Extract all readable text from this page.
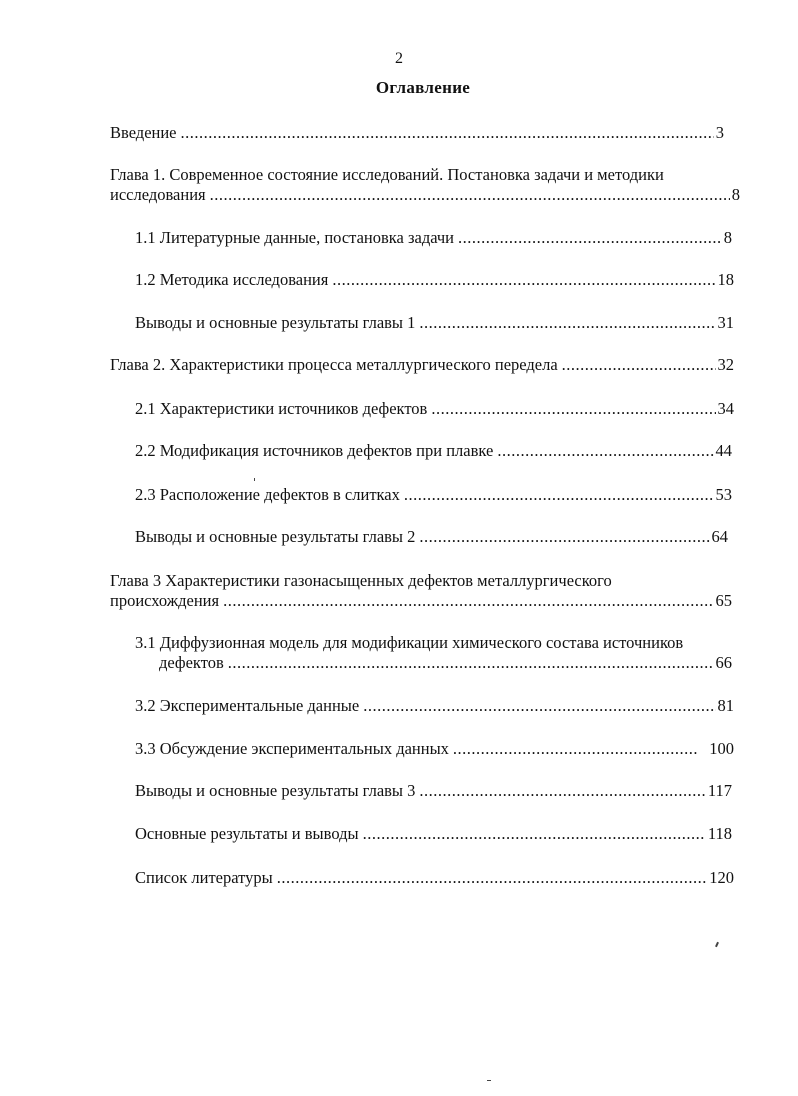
2
Оглавление
Введение .....	3
Глава 1. Современное состояние исследований. Постановка задачи и методики
исследования .....	8
1.1 Литературные данные, постановка задачи .....	8
1.2 Методика исследования .....	18
Выводы и основные результаты главы 1 .....	31
Глава 2. Характеристики процесса металлургического передела .....	32
2.1 Характеристики источников дефектов .....	34
2.2 Модификация источников дефектов при плавке .....	44
2.3 Расположение дефектов в слитках .....	53
Выводы и основные результаты главы 2 .....	64
Глава 3 Характеристики газонасыщенных дефектов металлургического
происхождения .....	65
3.1 Диффузионная модель для модификации химического состава источников
дефектов .....	66
3.2 Экспериментальные данные .....	81
3.3 Обсуждение экспериментальных данных .....	100
Выводы и основные результаты главы 3 .....	117
Основные результаты и выводы .....	118
Список литературы .....	120
